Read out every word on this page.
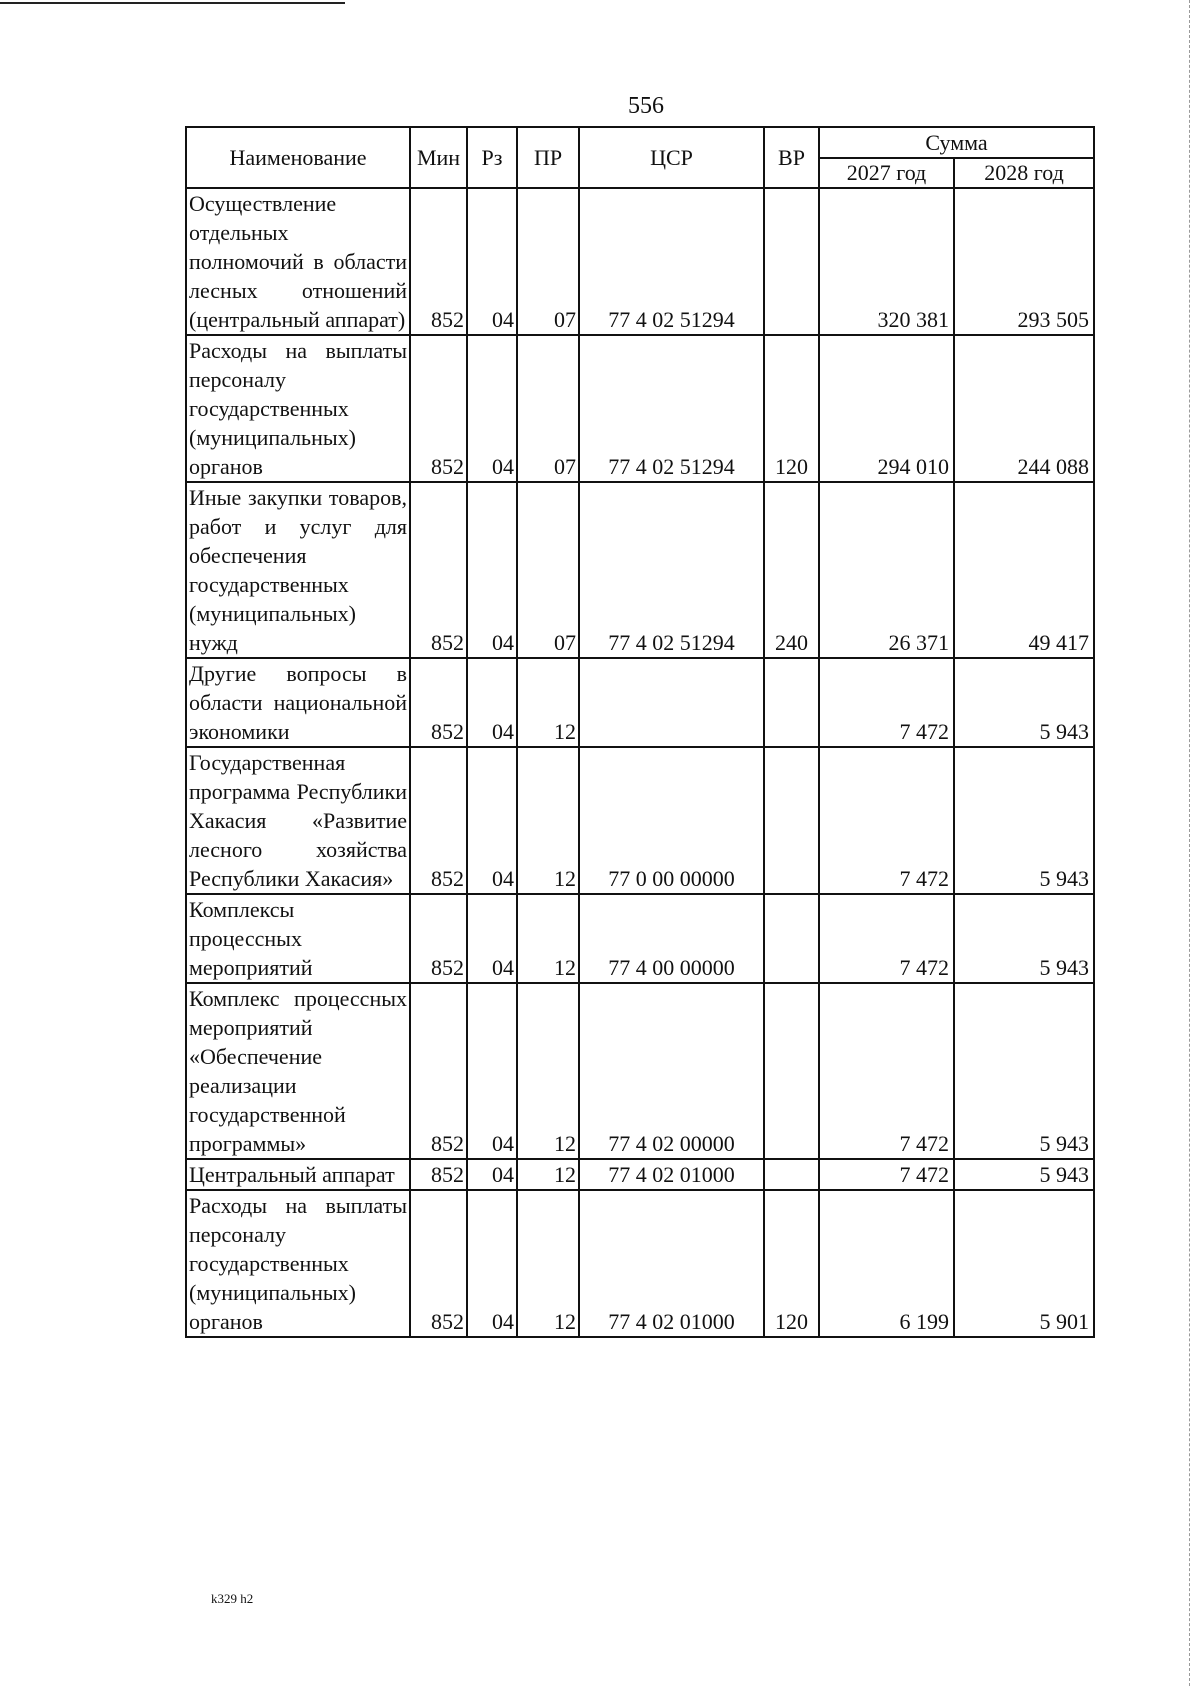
556
Наименование	Мин	Рз	ПР	ЦСР	ВР	Сумма	
						2027 год	2028 год
Осуществление отдельных полномочий в области лесных отношений (центральный аппарат)	852	04	07	77 4 02 51294		320 381	293 505
Расходы на выплаты персоналу государственных (муниципальных) органов	852	04	07	77 4 02 51294	120	294 010	244 088
Иные закупки товаров, работ и услуг для обеспечения государственных (муниципальных) нужд	852	04	07	77 4 02 51294	240	26 371	49 417
Другие вопросы в области национальной экономики	852	04	12			7 472	5 943
Государственная программа Республики Хакасия «Развитие лесного хозяйства Республики Хакасия»	852	04	12	77 0 00 00000		7 472	5 943
Комплексы процессных мероприятий	852	04	12	77 4 00 00000		7 472	5 943
Комплекс процессных мероприятий «Обеспечение реализации государственной программы»	852	04	12	77 4 02 00000		7 472	5 943
Центральный аппарат	852	04	12	77 4 02 01000		7 472	5 943
Расходы на выплаты персоналу государственных (муниципальных) органов	852	04	12	77 4 02 01000	120	6 199	5 901
k329 h2
